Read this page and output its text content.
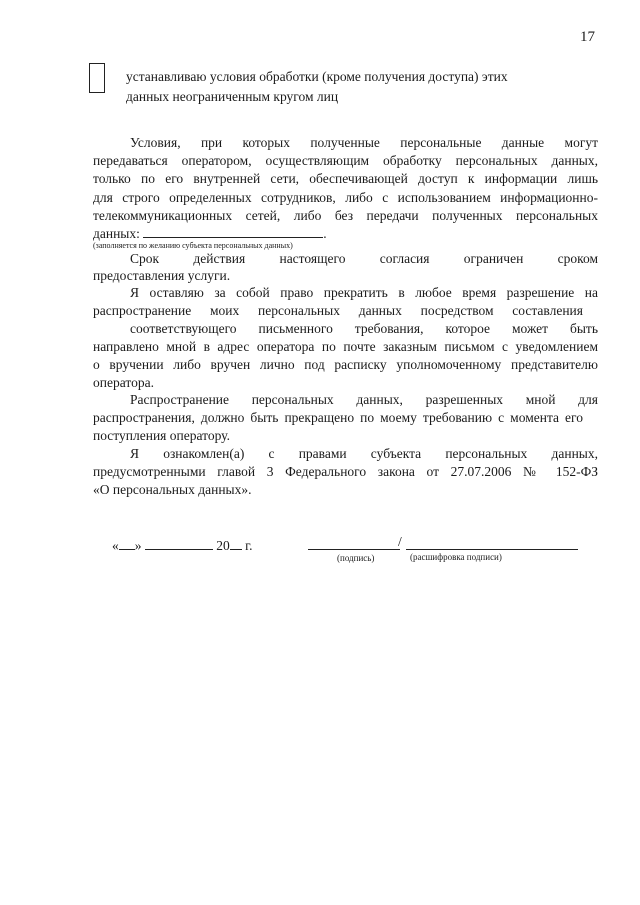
17
устанавливаю условия обработки (кроме получения доступа) этих
данных неограниченным кругом лиц
Условия, при которых полученные персональные данные могут
передаваться оператором, осуществляющим обработку персональных данных,
только по его внутренней сети, обеспечивающей доступ к информации лишь
для строго определенных сотрудников, либо с использованием информационно-
телекоммуникационных сетей, либо без передачи полученных персональных
данных:	.
(заполняется по желанию субъекта персональных данных)
Срок действия настоящего согласия ограничен сроком
предоставления услуги.
Я оставляю за собой право прекратить в любое время разрешение на
распространение моих персональных данных посредством составления
соответствующего письменного требования, которое может быть
направлено мной в адрес оператора по почте заказным письмом с уведомлением
о вручении либо вручен лично под расписку уполномоченному представителю
оператора.
Распространение персональных данных, разрешенных мной для
распространения, должно быть прекращено по моему требованию с момента его
поступления оператору.
Я ознакомлен(а) с правами субъекта персональных данных,
предусмотренными главой 3 Федерального закона от 27.07.2006 № 152-ФЗ
«О персональных данных».
« »	20 г.	/
(подпись)	(расшифровка подписи)
